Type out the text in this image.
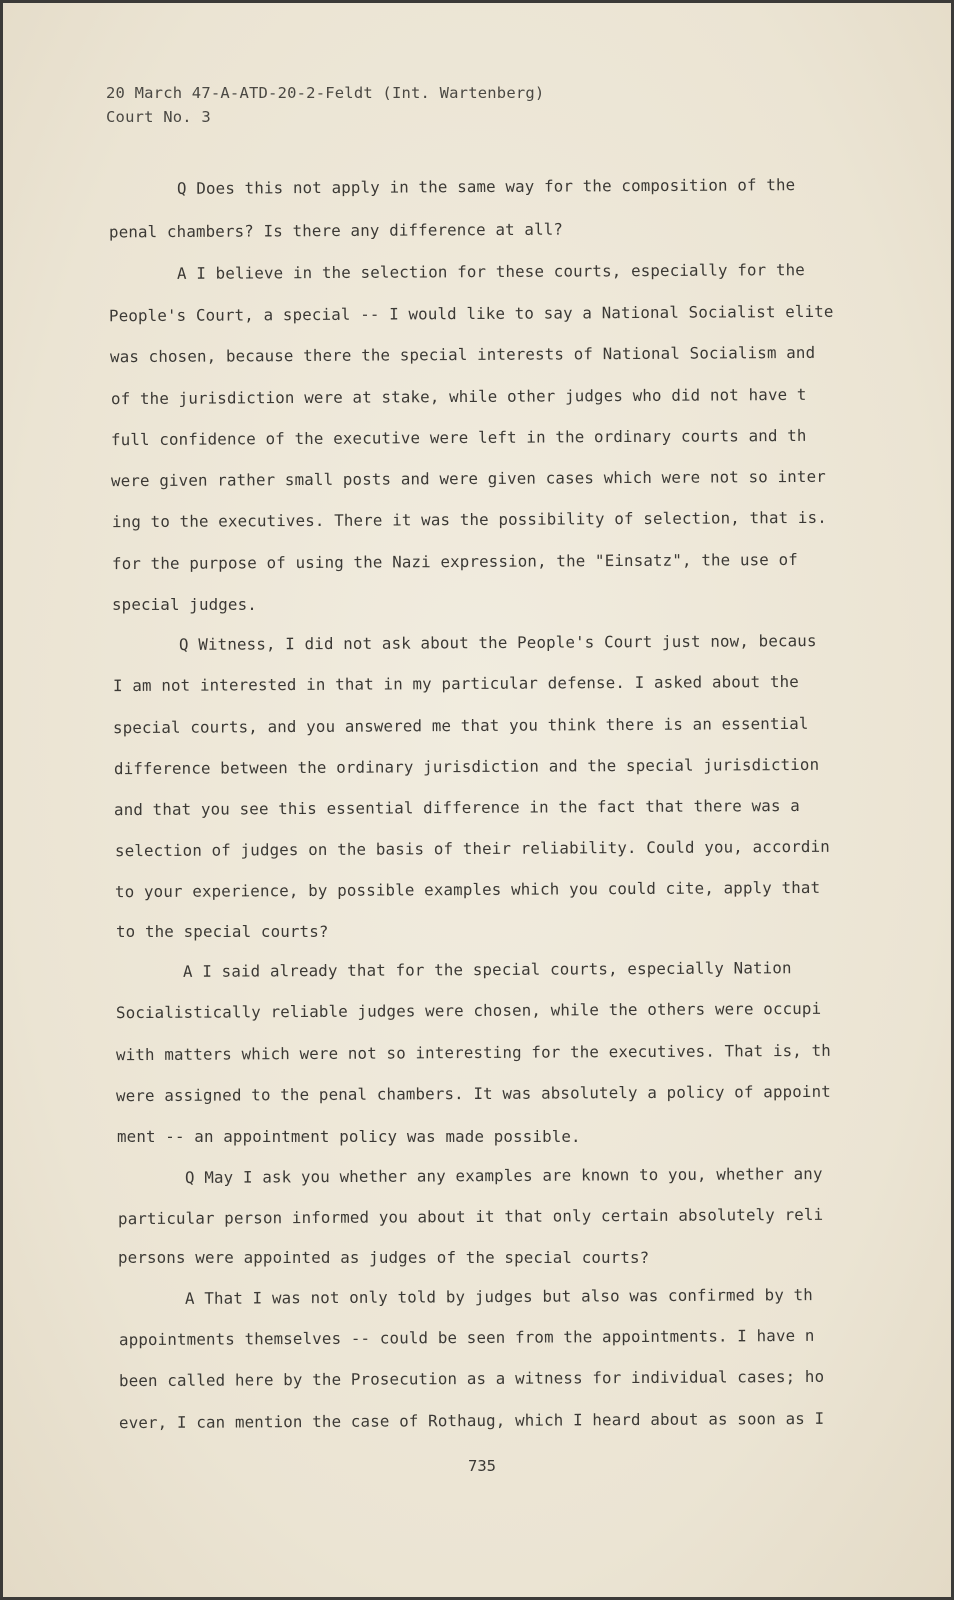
20 March 47-A-ATD-20-2-Feldt (Int. Wartenberg)
Court No. 3
Q Does this not apply in the same way for the composition of the
penal chambers? Is there any difference at all?
A I believe in the selection for these courts, especially for the
People's Court, a special -- I would like to say a National Socialist elite
was chosen, because there the special interests of National Socialism and
of the jurisdiction were at stake, while other judges who did not have t
full confidence of the executive were left in the ordinary courts and th
were given rather small posts and were given cases which were not so inter
ing to the executives. There it was the possibility of selection, that is.
for the purpose of using the Nazi expression, the "Einsatz", the use of
special judges.
Q Witness, I did not ask about the People's Court just now, becaus
I am not interested in that in my particular defense. I asked about the
special courts, and you answered me that you think there is an essential
difference between the ordinary jurisdiction and the special jurisdiction
and that you see this essential difference in the fact that there was a
selection of judges on the basis of their reliability. Could you, accordin
to your experience, by possible examples which you could cite, apply that
to the special courts?
A I said already that for the special courts, especially Nation
Socialistically reliable judges were chosen, while the others were occupi
with matters which were not so interesting for the executives. That is, th
were assigned to the penal chambers. It was absolutely a policy of appoint
ment -- an appointment policy was made possible.
Q May I ask you whether any examples are known to you, whether any
particular person informed you about it that only certain absolutely reli
persons were appointed as judges of the special courts?
A That I was not only told by judges but also was confirmed by th
appointments themselves -- could be seen from the appointments. I have n
been called here by the Prosecution as a witness for individual cases; ho
ever, I can mention the case of Rothaug, which I heard about as soon as I
735
